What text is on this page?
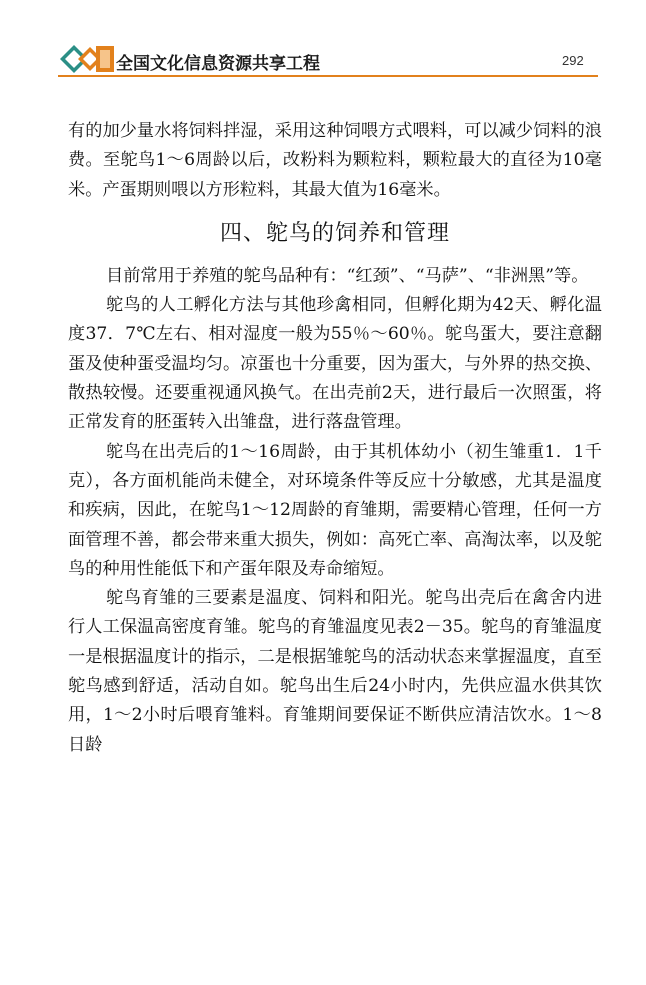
全国文化信息资源共享工程	292

有的加少量水将饲料拌湿，采用这种饲喂方式喂料，可以减少饲料的浪费。至鸵鸟1～6周龄以后，改粉料为颗粒料，颗粒最大的直径为10毫米。产蛋期则喂以方形粒料，其最大值为16毫米。

四、鸵鸟的饲养和管理

目前常用于养殖的鸵鸟品种有：“红颈”、“马萨”、“非洲黑”等。

鸵鸟的人工孵化方法与其他珍禽相同，但孵化期为42天、孵化温度37．7℃左右、相对湿度一般为55％～60％。鸵鸟蛋大，要注意翻蛋及使种蛋受温均匀。凉蛋也十分重要，因为蛋大，与外界的热交换、散热较慢。还要重视通风换气。在出壳前2天，进行最后一次照蛋，将正常发育的胚蛋转入出雏盘，进行落盘管理。

鸵鸟在出壳后的1～16周龄，由于其机体幼小（初生雏重1．1千克），各方面机能尚未健全，对环境条件等反应十分敏感，尤其是温度和疾病，因此，在鸵鸟1～12周龄的育雏期，需要精心管理，任何一方面管理不善，都会带来重大损失，例如：高死亡率、高淘汰率，以及鸵鸟的种用性能低下和产蛋年限及寿命缩短。

鸵鸟育雏的三要素是温度、饲料和阳光。鸵鸟出壳后在禽舍内进行人工保温高密度育雏。鸵鸟的育雏温度见表2－35。鸵鸟的育雏温度一是根据温度计的指示，二是根据雏鸵鸟的活动状态来掌握温度，直至鸵鸟感到舒适，活动自如。鸵鸟出生后24小时内，先供应温水供其饮用，1～2小时后喂育雏料。育雏期间要保证不断供应清洁饮水。1～8日龄
